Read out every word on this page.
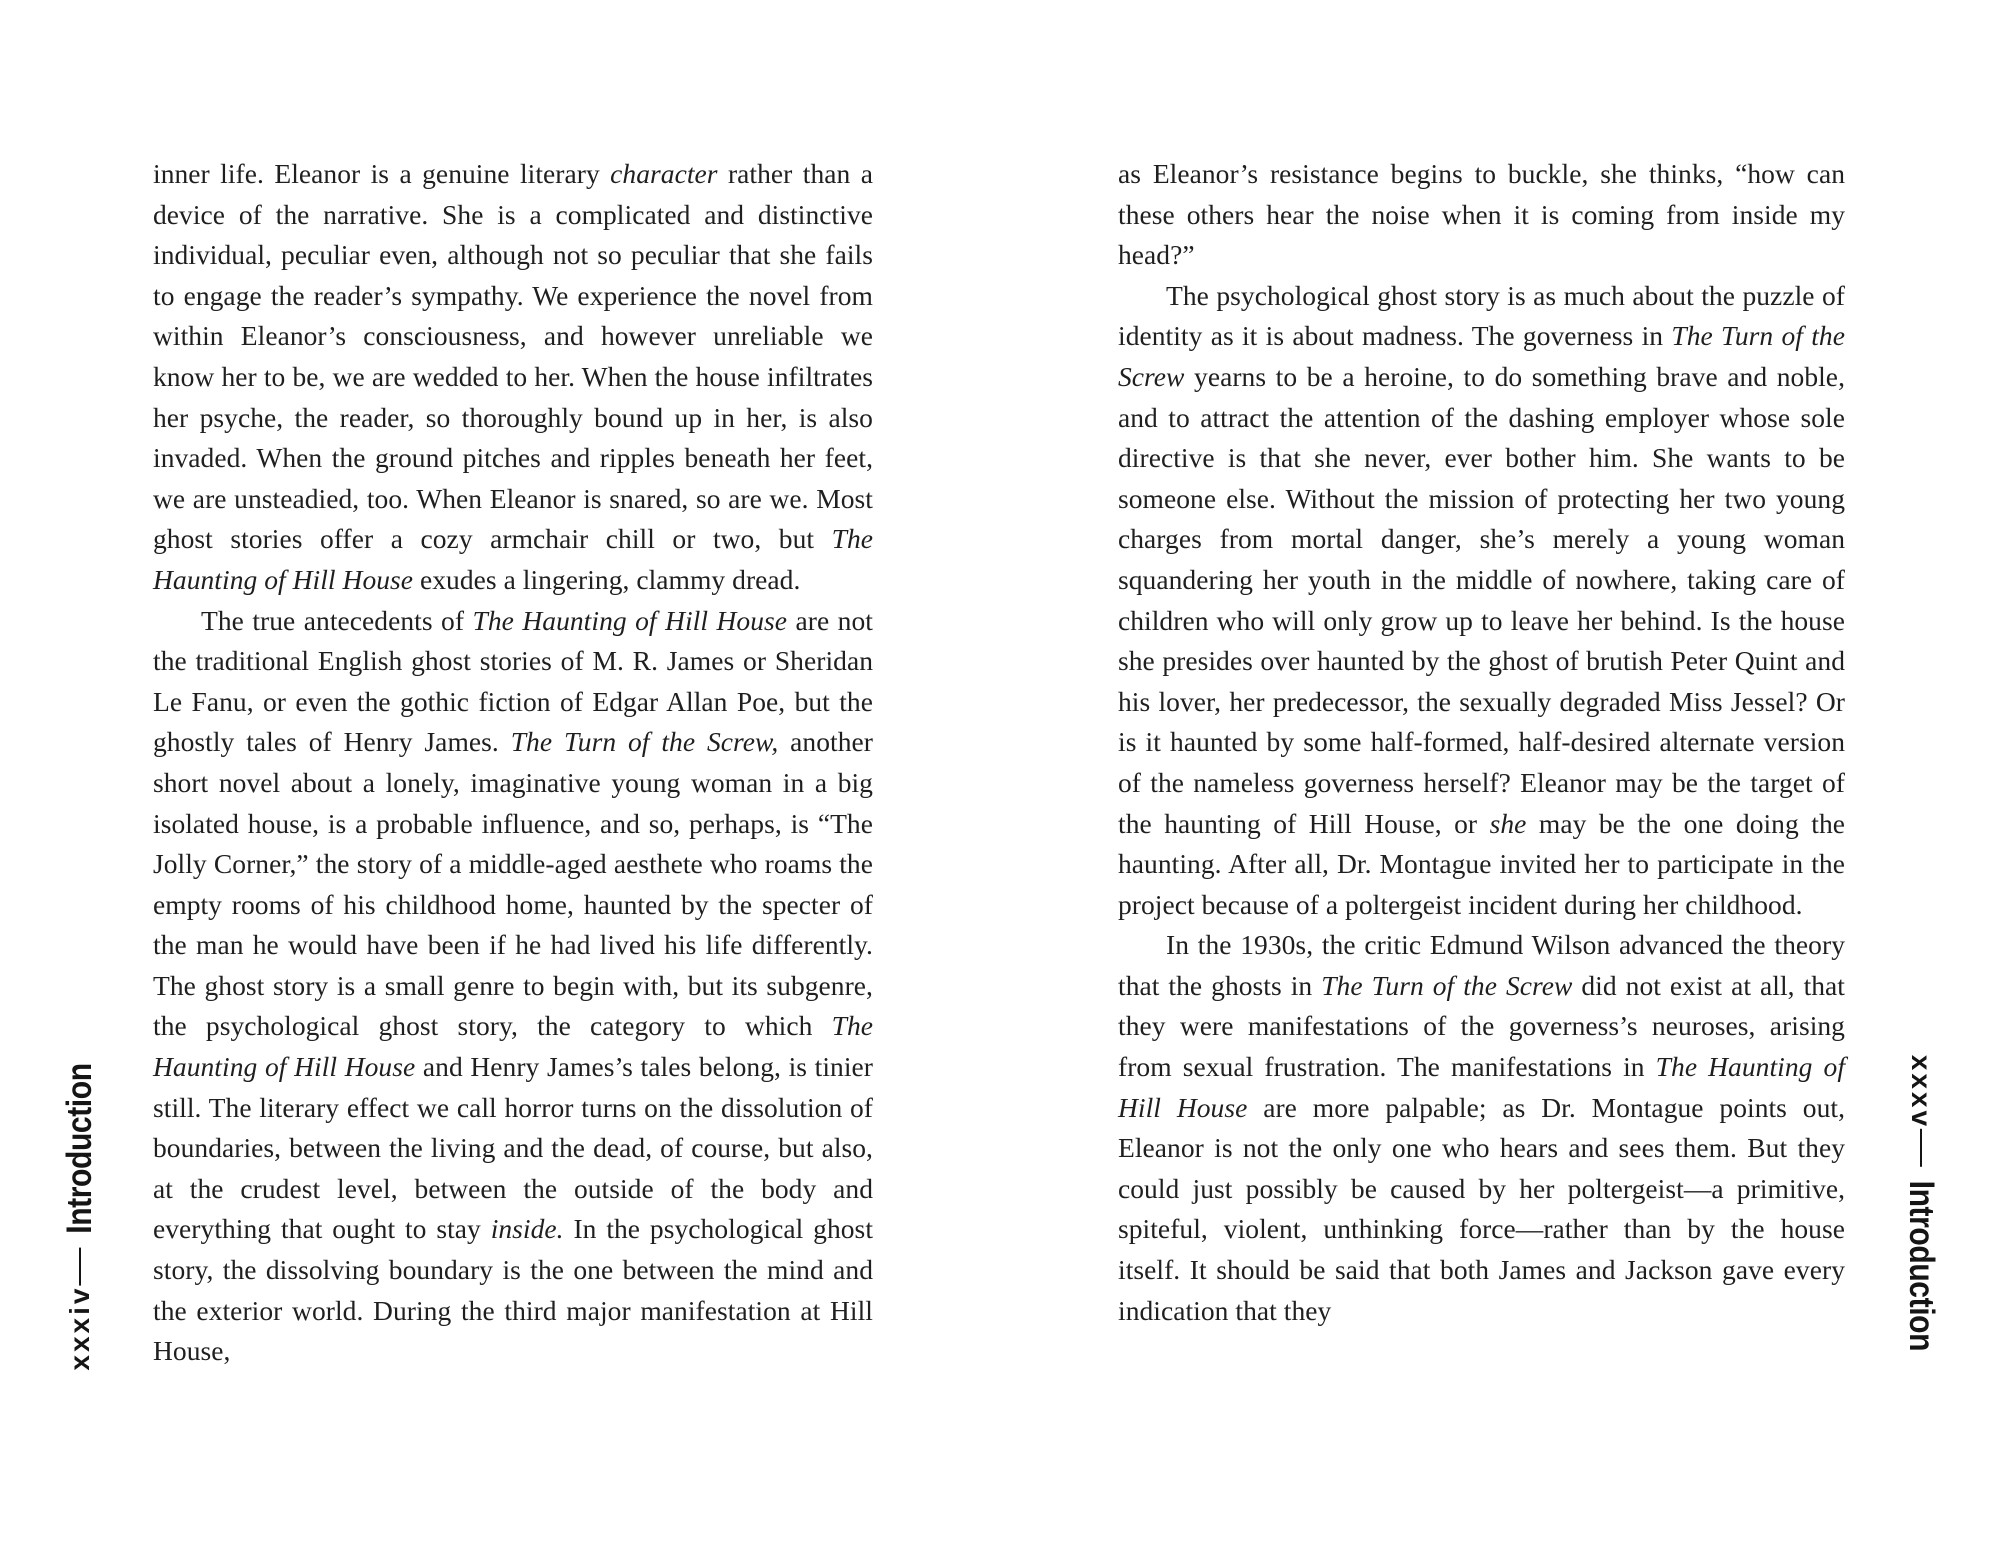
inner life. Eleanor is a genuine literary character rather than a device of the narrative. She is a complicated and distinctive individual, peculiar even, although not so peculiar that she fails to engage the reader’s sympathy. We experience the novel from within Eleanor’s consciousness, and however unreliable we know her to be, we are wedded to her. When the house infiltrates her psyche, the reader, so thoroughly bound up in her, is also invaded. When the ground pitches and ripples beneath her feet, we are unsteadied, too. When Eleanor is snared, so are we. Most ghost stories offer a cozy armchair chill or two, but The Haunting of Hill House exudes a lingering, clammy dread.

The true antecedents of The Haunting of Hill House are not the traditional English ghost stories of M. R. James or Sheridan Le Fanu, or even the gothic fiction of Edgar Allan Poe, but the ghostly tales of Henry James. The Turn of the Screw, another short novel about a lonely, imaginative young woman in a big isolated house, is a probable influence, and so, perhaps, is “The Jolly Corner,” the story of a middle-aged aesthete who roams the empty rooms of his childhood home, haunted by the specter of the man he would have been if he had lived his life differently. The ghost story is a small genre to begin with, but its subgenre, the psychological ghost story, the category to which The Haunting of Hill House and Henry James’s tales belong, is tinier still. The literary effect we call horror turns on the dissolution of boundaries, between the living and the dead, of course, but also, at the crudest level, between the outside of the body and everything that ought to stay inside. In the psychological ghost story, the dissolving boundary is the one between the mind and the exterior world. During the third major manifestation at Hill House,

xxxiv
Introduction

as Eleanor’s resistance begins to buckle, she thinks, “how can these others hear the noise when it is coming from inside my head?”

The psychological ghost story is as much about the puzzle of identity as it is about madness. The governess in The Turn of the Screw yearns to be a heroine, to do something brave and noble, and to attract the attention of the dashing employer whose sole directive is that she never, ever bother him. She wants to be someone else. Without the mission of protecting her two young charges from mortal danger, she’s merely a young woman squandering her youth in the middle of nowhere, taking care of children who will only grow up to leave her behind. Is the house she presides over haunted by the ghost of brutish Peter Quint and his lover, her predecessor, the sexually degraded Miss Jessel? Or is it haunted by some half-formed, half-desired alternate version of the nameless governess herself? Eleanor may be the target of the haunting of Hill House, or she may be the one doing the haunting. After all, Dr. Montague invited her to participate in the project because of a poltergeist incident during her childhood.

In the 1930s, the critic Edmund Wilson advanced the theory that the ghosts in The Turn of the Screw did not exist at all, that they were manifestations of the governess’s neuroses, arising from sexual frustration. The manifestations in The Haunting of Hill House are more palpable; as Dr. Montague points out, Eleanor is not the only one who hears and sees them. But they could just possibly be caused by her poltergeist—a primitive, spiteful, violent, unthinking force—rather than by the house itself. It should be said that both James and Jackson gave every indication that they

xxxv
Introduction
